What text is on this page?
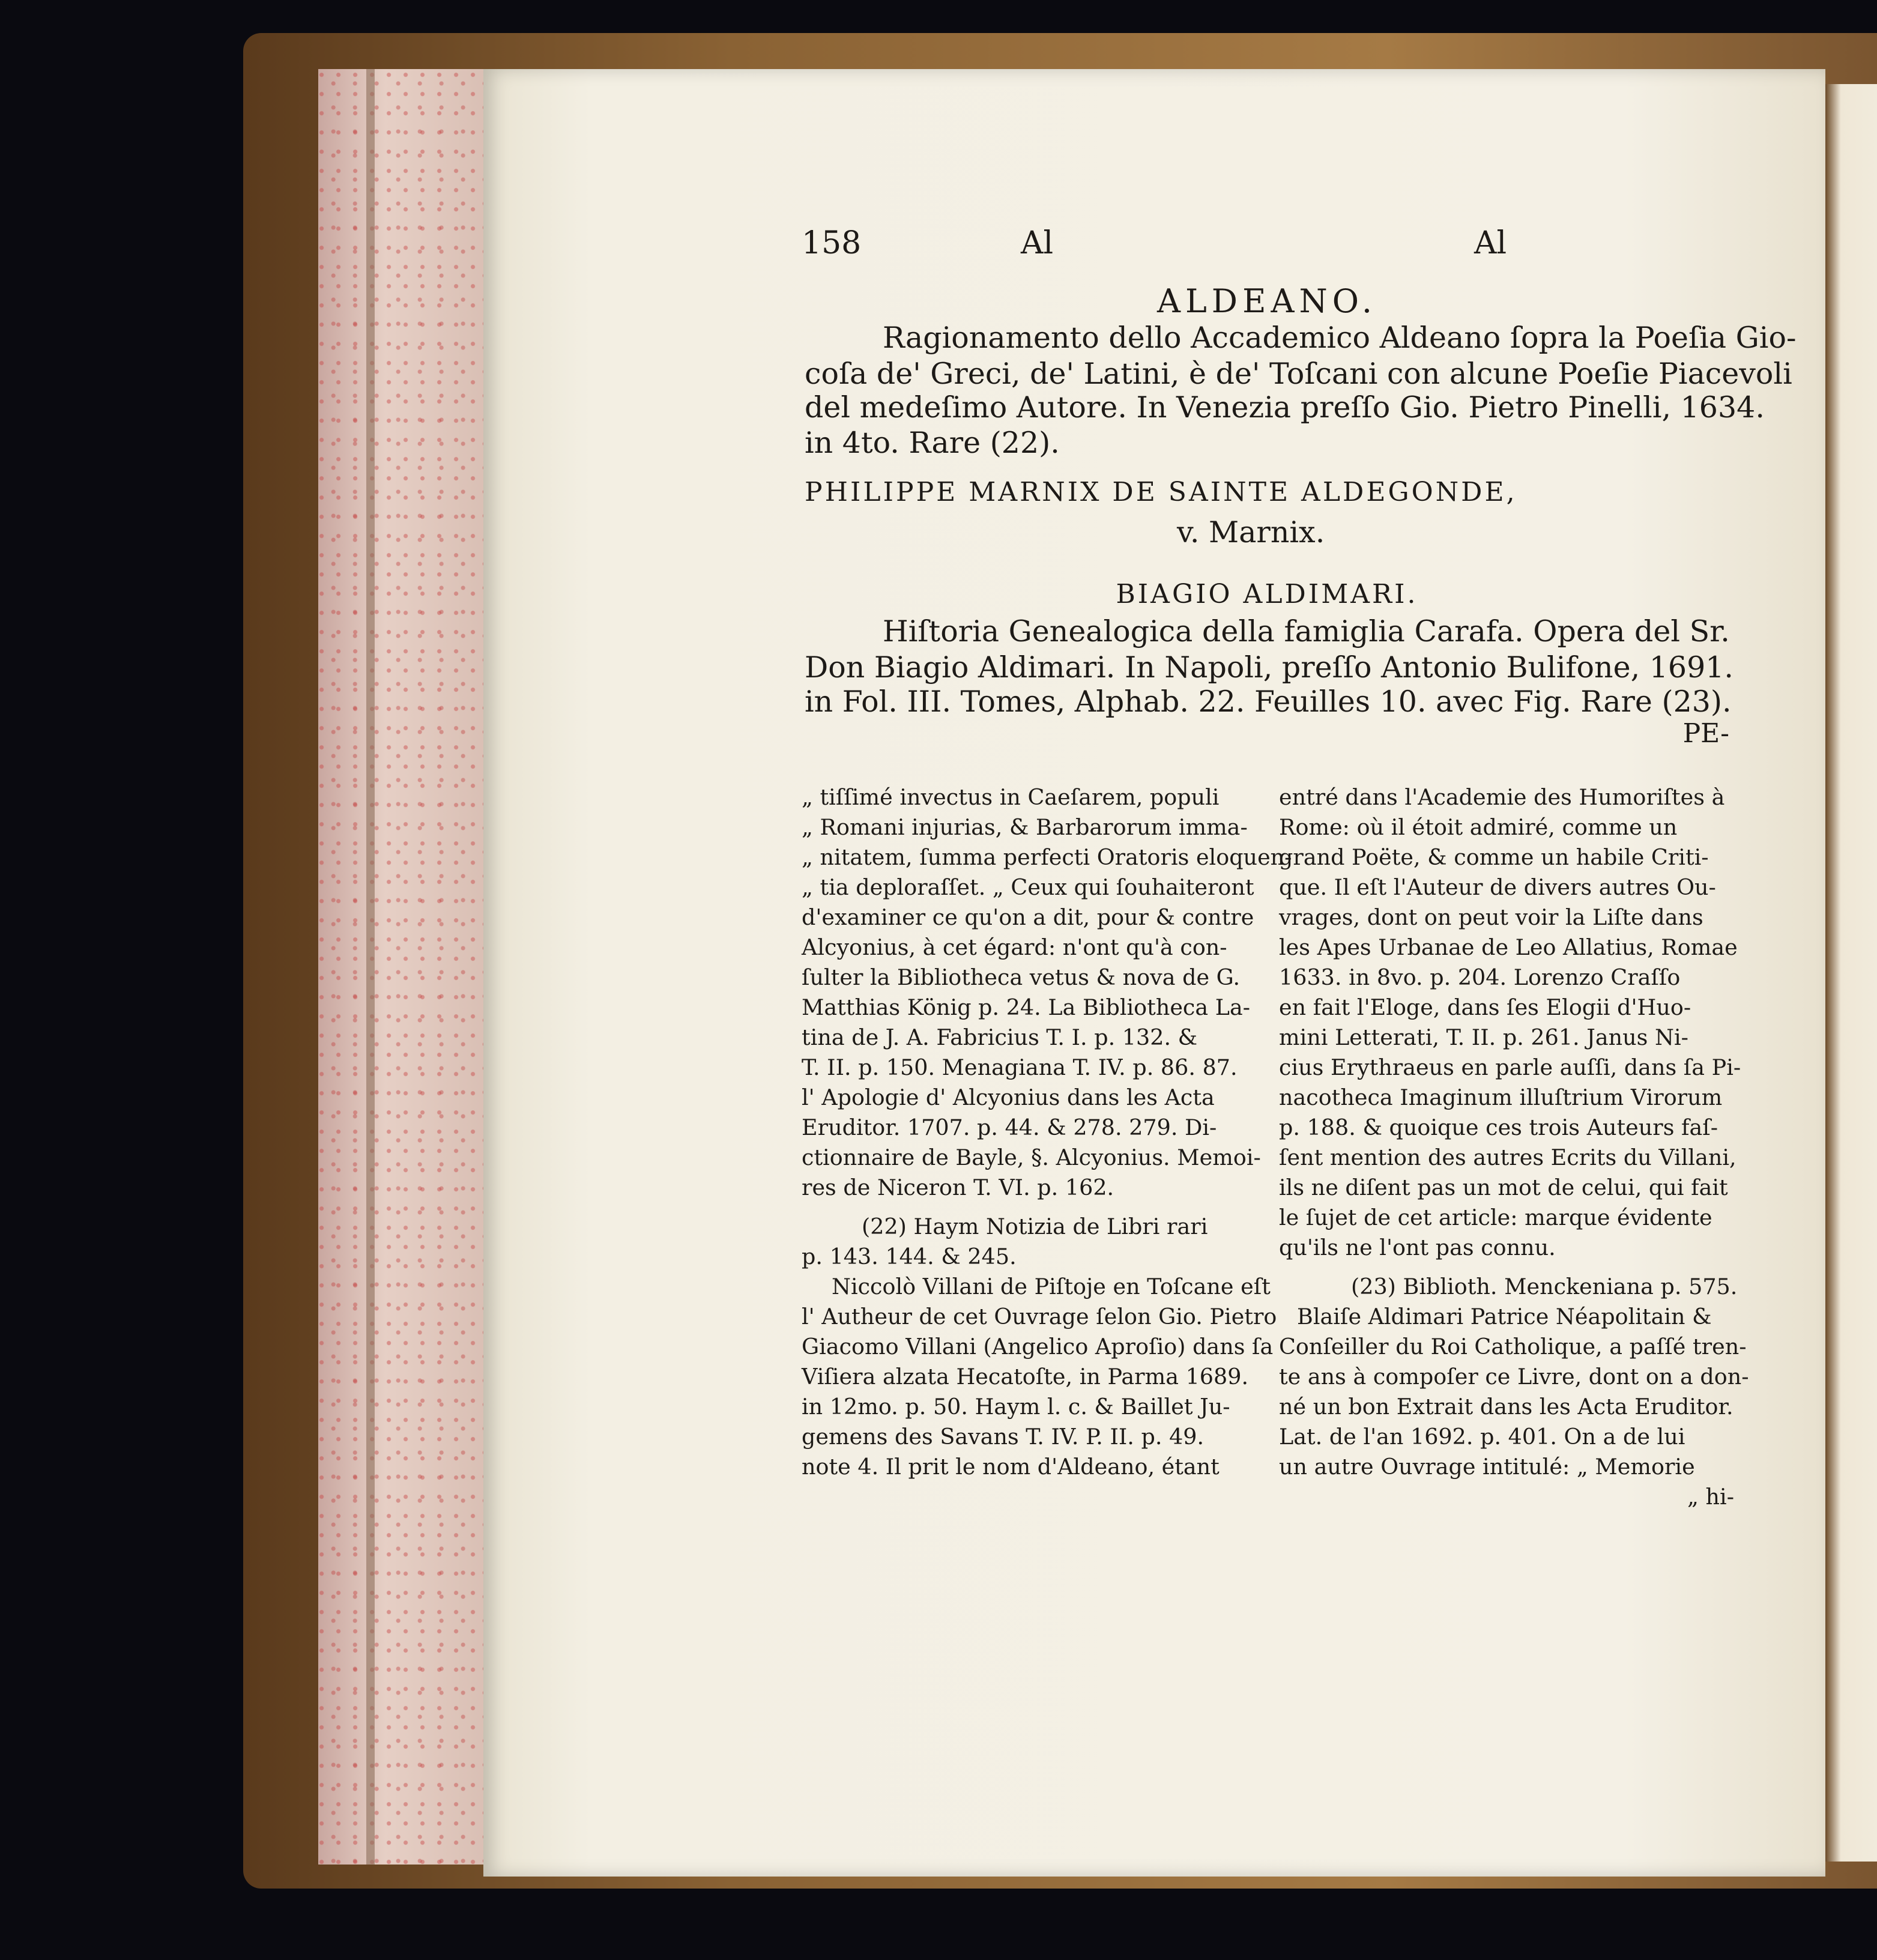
158	Al	Al
ALDEANO.
Ragionamento dello Accademico Aldeano ſopra la Poeſia Gio-
coſa de' Greci, de' Latini, è de' Toſcani con alcune Poeſie Piacevoli
del medeſimo Autore. In Venezia preſſo Gio. Pietro Pinelli, 1634.
in 4to. Rare (22).
PHILIPPE MARNIX DE SAINTE ALDEGONDE,
v. Marnix.
BIAGIO ALDIMARI.
Hiſtoria Genealogica della famiglia Carafa. Opera del Sr.
Don Biagio Aldimari. In Napoli, preſſo Antonio Bulifone, 1691.
in Fol. III. Tomes, Alphab. 22. Feuilles 10. avec Fig. Rare (23).
PE-
„ tiſſimé invectus in Caeſarem, populi
„ Romani injurias, & Barbarorum imma-
„ nitatem, ſumma perfecti Oratoris eloquen-
„ tia deploraſſet. „ Ceux qui ſouhaiteront
d'examiner ce qu'on a dit, pour & contre
Alcyonius, à cet égard: n'ont qu'à con-
ſulter la Bibliotheca vetus & nova de G.
Matthias König p. 24. La Bibliotheca La-
tina de J. A. Fabricius T. I. p. 132. &
T. II. p. 150. Menagiana T. IV. p. 86. 87.
l' Apologie d' Alcyonius dans les Acta
Eruditor. 1707. p. 44. & 278. 279. Di-
ctionnaire de Bayle, §. Alcyonius. Memoi-
res de Niceron T. VI. p. 162.
(22) Haym Notizia de Libri rari
p. 143. 144. & 245.
Niccolò Villani de Piſtoje en Toſcane eſt
l' Autheur de cet Ouvrage ſelon Gio. Pietro
Giacomo Villani (Angelico Aproſio) dans ſa
Viſiera alzata Hecatoſte, in Parma 1689.
in 12mo. p. 50. Haym l. c. & Baillet Ju-
gemens des Savans T. IV. P. II. p. 49.
note 4. Il prit le nom d'Aldeano, étant
entré dans l'Academie des Humoriſtes à
Rome: où il étoit admiré, comme un
grand Poëte, & comme un habile Criti-
que. Il eſt l'Auteur de divers autres Ou-
vrages, dont on peut voir la Liſte dans
les Apes Urbanae de Leo Allatius, Romae
1633. in 8vo. p. 204. Lorenzo Craſſo
en fait l'Eloge, dans ſes Elogii d'Huo-
mini Letterati, T. II. p. 261. Janus Ni-
cius Erythraeus en parle auſſi, dans ſa Pi-
nacotheca Imaginum illuſtrium Virorum
p. 188. & quoique ces trois Auteurs faſ-
ſent mention des autres Ecrits du Villani,
ils ne diſent pas un mot de celui, qui fait
le ſujet de cet article: marque évidente
qu'ils ne l'ont pas connu.
(23) Biblioth. Menckeniana p. 575.
Blaiſe Aldimari Patrice Néapolitain &
Conſeiller du Roi Catholique, a paſſé tren-
te ans à compoſer ce Livre, dont on a don-
né un bon Extrait dans les Acta Eruditor.
Lat. de l'an 1692. p. 401. On a de lui
un autre Ouvrage intitulé: „ Memorie
„ hi-
